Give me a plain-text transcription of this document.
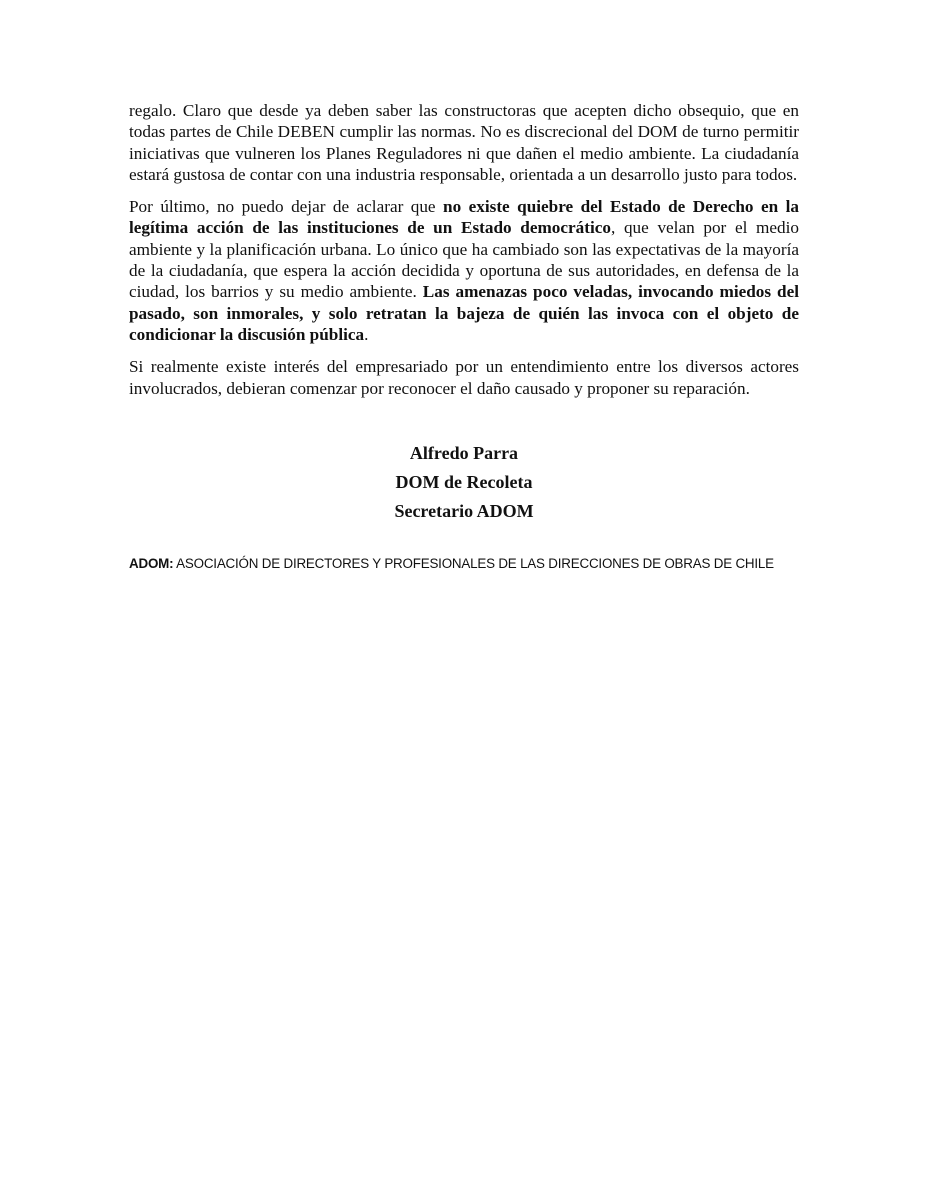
regalo. Claro que desde ya deben saber las constructoras que acepten dicho obsequio, que en todas partes de Chile DEBEN cumplir las normas. No es discrecional del DOM de turno permitir iniciativas que vulneren los Planes Reguladores ni que dañen el medio ambiente. La ciudadanía estará gustosa de contar con una industria responsable, orientada a un desarrollo justo para todos.

Por último, no puedo dejar de aclarar que no existe quiebre del Estado de Derecho en la legítima acción de las instituciones de un Estado democrático, que velan por el medio ambiente y la planificación urbana. Lo único que ha cambiado son las expectativas de la mayoría de la ciudadanía, que espera la acción decidida y oportuna de sus autoridades, en defensa de la ciudad, los barrios y su medio ambiente. Las amenazas poco veladas, invocando miedos del pasado, son inmorales, y solo retratan la bajeza de quién las invoca con el objeto de condicionar la discusión pública.

Si realmente existe interés del empresariado por un entendimiento entre los diversos actores involucrados, debieran comenzar por reconocer el daño causado y proponer su reparación.

Alfredo Parra
DOM de Recoleta
Secretario ADOM
ADOM: ASOCIACIÓN DE DIRECTORES Y PROFESIONALES DE LAS DIRECCIONES DE OBRAS DE CHILE
